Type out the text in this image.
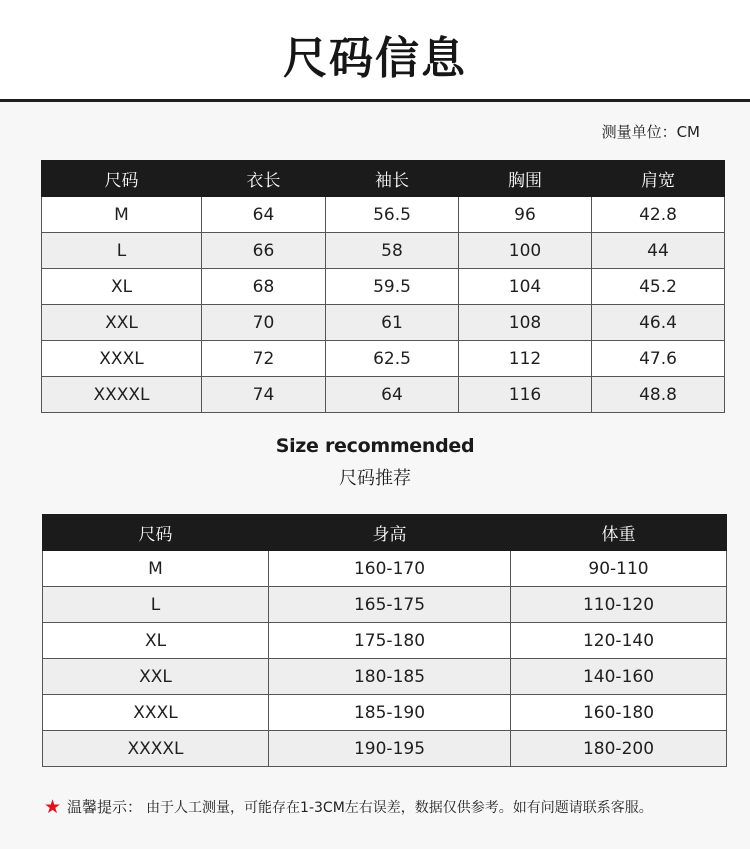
尺码信息
测量单位：CM
尺码	衣长	袖长	胸围	肩宽
M	64	56.5	96	42.8
L	66	58	100	44
XL	68	59.5	104	45.2
XXL	70	61	108	46.4
XXXL	72	62.5	112	47.6
XXXXL	74	64	116	48.8
Size recommended
尺码推荐
尺码	身高	体重
M	160-170	90-110
L	165-175	110-120
XL	175-180	120-140
XXL	180-185	140-160
XXXL	185-190	160-180
XXXXL	190-195	180-200
★ 温馨提示： 由于人工测量，可能存在1-3CM左右误差，数据仅供参考。如有问题请联系客服。
